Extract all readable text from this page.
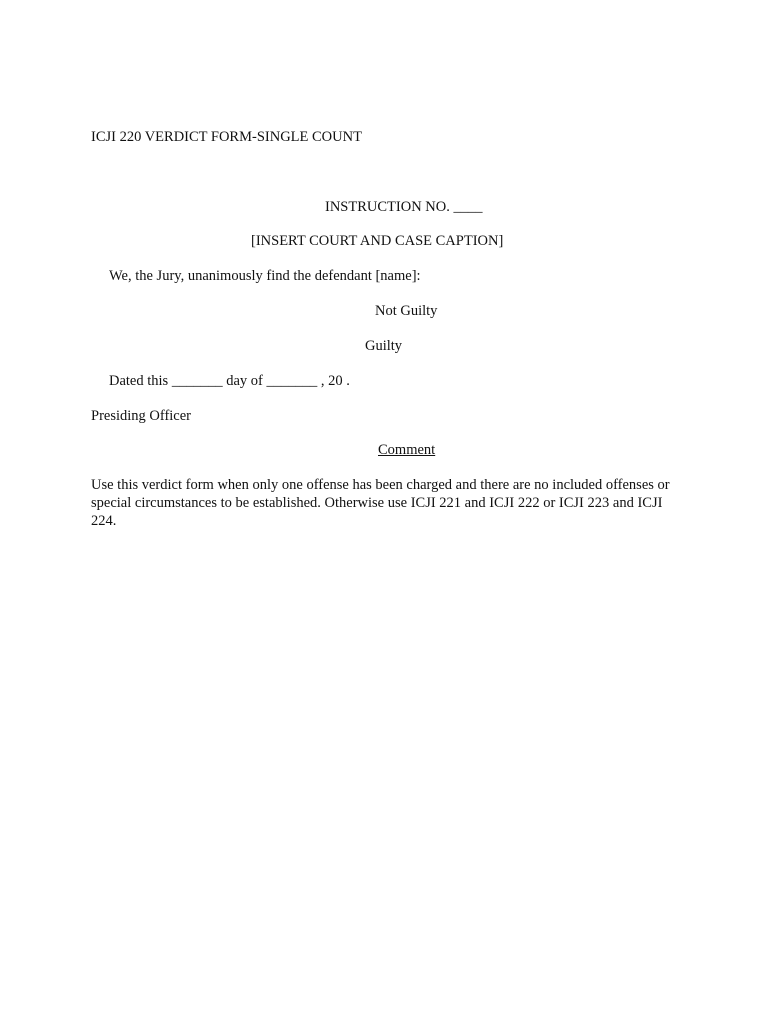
ICJI 220 VERDICT FORM-SINGLE COUNT
INSTRUCTION NO. ____
[INSERT COURT AND CASE CAPTION]
We, the Jury, unanimously find the defendant [name]:
Not Guilty
Guilty
Dated this _______ day of _______ , 20 .
Presiding Officer
Comment
Use this verdict form when only one offense has been charged and there are no included offenses or special circumstances to be established. Otherwise use ICJI 221 and ICJI 222 or ICJI 223 and ICJI 224.
